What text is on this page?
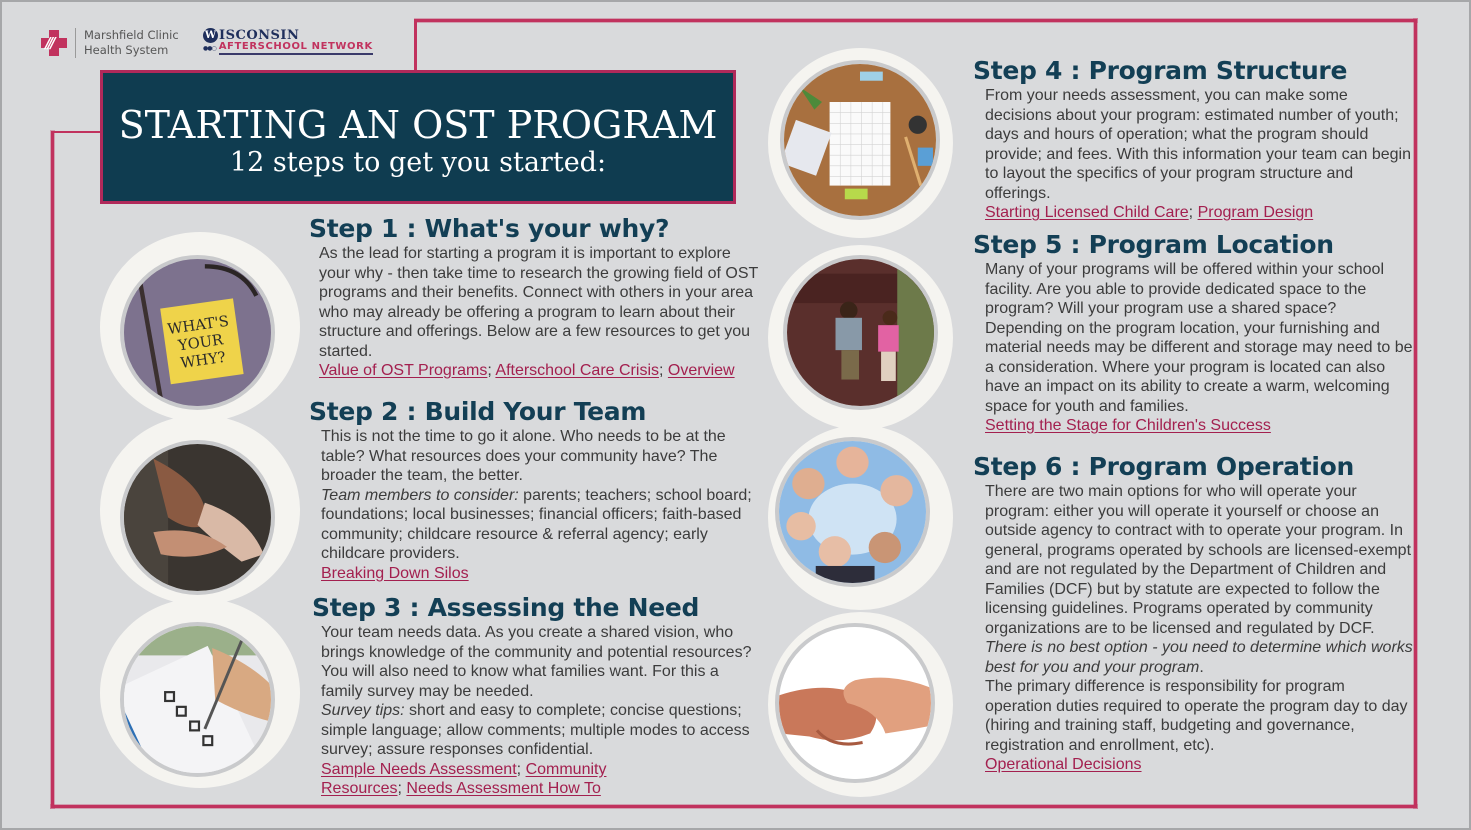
///	Marshfield Clinic
Health System
W ISCONSIN
●●○ AFTERSCHOOL NETWORK
STARTING AN OST PROGRAM
12 steps to get you started:
WHAT'S
YOUR
WHY?
Step 1 : What's your why?

As the lead for starting a program it is important to explore your why - then take time to research the growing field of OST programs and their benefits. Connect with others in your area who may already be offering a program to learn about their structure and offerings. Below are a few resources to get you started.

Value of OST Programs; Afterschool Care Crisis; Overview

Step 2 : Build Your Team

This is not the time to go it alone. Who needs to be at the table? What resources does your community have? The broader the team, the better.

Team members to consider: parents; teachers; school board; foundations; local businesses; financial officers; faith-based community; childcare resource & referral agency; early childcare providers.

Breaking Down Silos

Step 3 : Assessing the Need

Your team needs data. As you create a shared vision, who brings knowledge of the community and potential resources? You will also need to know what families want. For this a family survey may be needed.

Survey tips: short and easy to complete; concise questions; simple language; allow comments; multiple modes to access survey; assure responses confidential.

Sample Needs Assessment; Community Resources; Needs Assessment How To

Step 4 : Program Structure

From your needs assessment, you can make some decisions about your program: estimated number of youth; days and hours of operation; what the program should provide; and fees. With this information your team can begin to layout the specifics of your program structure and offerings.

Starting Licensed Child Care; Program Design

Step 5 : Program Location

Many of your programs will be offered within your school facility. Are you able to provide dedicated space to the program? Will your program use a shared space? Depending on the program location, your furnishing and material needs may be different and storage may need to be a consideration. Where your program is located can also have an impact on its ability to create a warm, welcoming space for youth and families.

Setting the Stage for Children's Success

Step 6 : Program Operation

There are two main options for who will operate your program: either you will operate it yourself or choose an outside agency to contract with to operate your program. In general, programs operated by schools are licensed-exempt and are not regulated by the Department of Children and Families (DCF) but by statute are expected to follow the licensing guidelines. Programs operated by community organizations are to be licensed and regulated by DCF. There is no best option - you need to determine which works best for you and your program.

The primary difference is responsibility for program operation duties required to operate the program day to day (hiring and training staff, budgeting and governance, registration and enrollment, etc).

Operational Decisions
